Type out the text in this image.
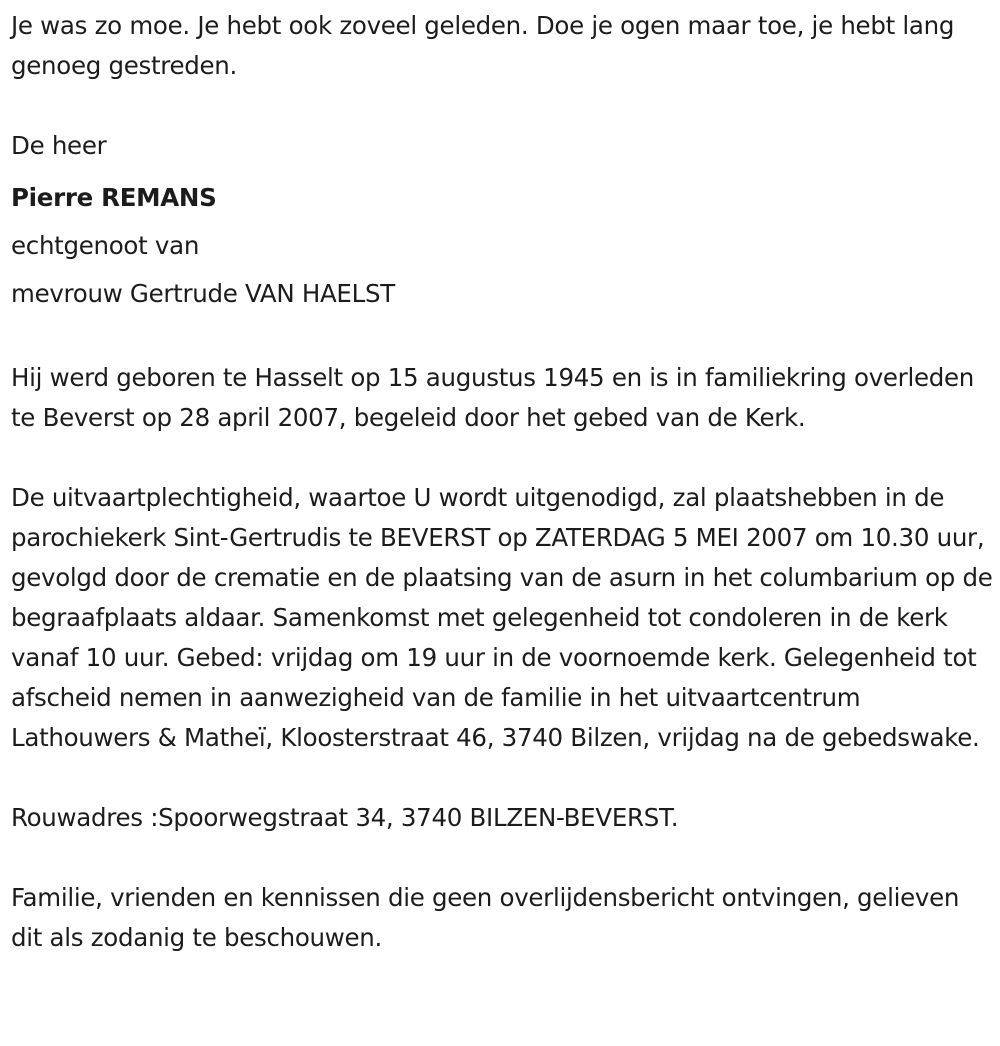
Je was zo moe. Je hebt ook zoveel geleden. Doe je ogen maar toe, je hebt lang genoeg gestreden.

De heer

Pierre REMANS

echtgenoot van

mevrouw Gertrude VAN HAELST

Hij werd geboren te Hasselt op 15 augustus 1945 en is in familiekring overleden te Beverst op 28 april 2007, begeleid door het gebed van de Kerk.

De uitvaartplechtigheid, waartoe U wordt uitgenodigd, zal plaatshebben in de parochiekerk Sint-Gertrudis te BEVERST op ZATERDAG 5 MEI 2007 om 10.30 uur, gevolgd door de crematie en de plaatsing van de asurn in het columbarium op de begraafplaats aldaar. Samenkomst met gelegenheid tot condoleren in de kerk vanaf 10 uur. Gebed: vrijdag om 19 uur in de voornoemde kerk. Gelegenheid tot afscheid nemen in aanwezigheid van de familie in het uitvaartcentrum Lathouwers & Matheï, Kloosterstraat 46, 3740 Bilzen, vrijdag na de gebedswake.

Rouwadres :Spoorwegstraat 34, 3740 BILZEN-BEVERST.

Familie, vrienden en kennissen die geen overlijdensbericht ontvingen, gelieven dit als zodanig te beschouwen.
